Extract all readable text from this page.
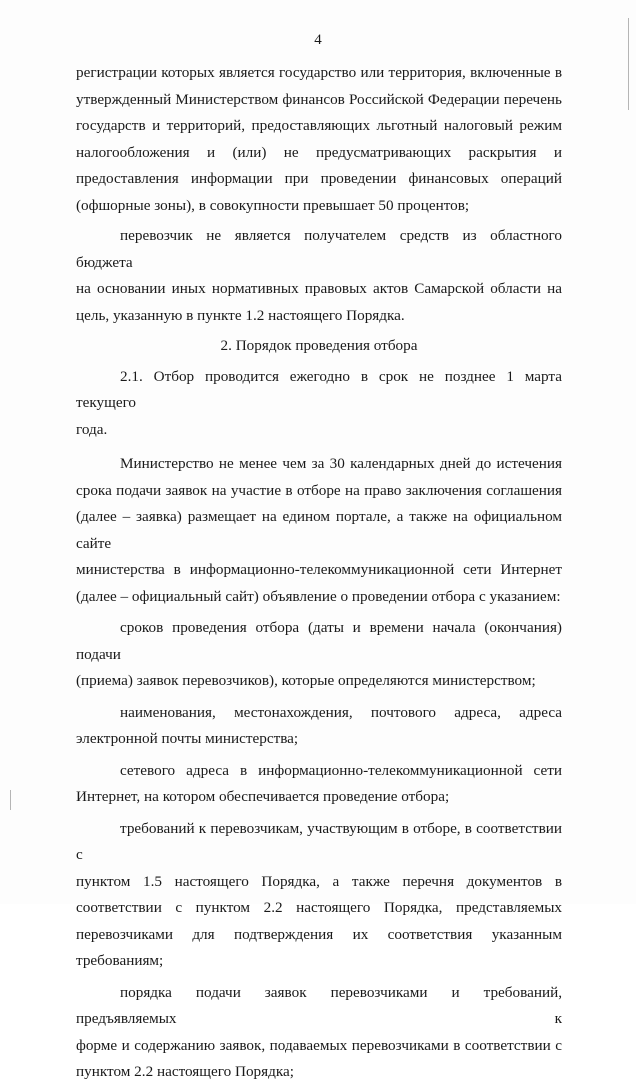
4
регистрации которых является государство или территория, включенные в
утвержденный Министерством финансов Российской Федерации перечень
государств и территорий, предоставляющих льготный налоговый режим
налогообложения и (или) не предусматривающих раскрытия и
предоставления информации при проведении финансовых операций
(офшорные зоны), в совокупности превышает 50 процентов;
перевозчик не является получателем средств из областного бюджета
на основании иных нормативных правовых актов Самарской области на
цель, указанную в пункте 1.2 настоящего Порядка.
2. Порядок проведения отбора
2.1. Отбор проводится ежегодно в срок не позднее 1 марта текущего
года.
Министерство не менее чем за 30 календарных дней до истечения
срока подачи заявок на участие в отборе на право заключения соглашения
(далее – заявка) размещает на едином портале, а также на официальном сайте
министерства в информационно-телекоммуникационной сети Интернет
(далее – официальный сайт) объявление о проведении отбора с указанием:
сроков проведения отбора (даты и времени начала (окончания) подачи
(приема) заявок перевозчиков), которые определяются министерством;
наименования, местонахождения, почтового адреса, адреса
электронной почты министерства;
сетевого адреса в информационно-телекоммуникационной сети
Интернет, на котором обеспечивается проведение отбора;
требований к перевозчикам, участвующим в отборе, в соответствии с
пунктом 1.5 настоящего Порядка, а также перечня документов в
соответствии с пунктом 2.2 настоящего Порядка, представляемых
перевозчиками для подтверждения их соответствия указанным требованиям;
порядка подачи заявок перевозчиками и требований, предъявляемых к
форме и содержанию заявок, подаваемых перевозчиками в соответствии с
пунктом 2.2 настоящего Порядка;
